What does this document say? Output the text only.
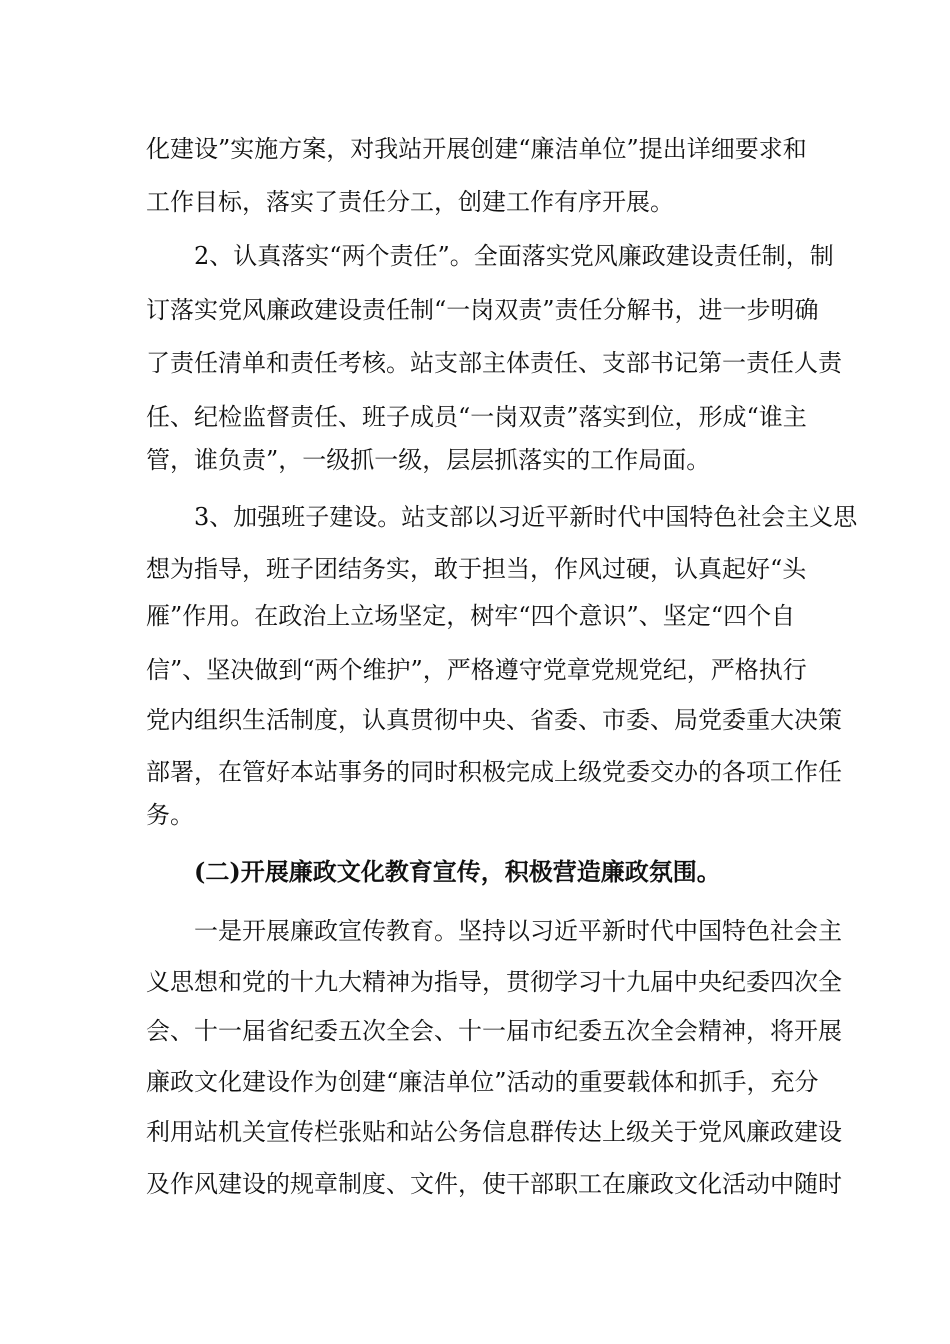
化建设”实施方案，对我站开展创建“廉洁单位”提出详细要求和
工作目标，落实了责任分工，创建工作有序开展。
2、认真落实“两个责任”。全面落实党风廉政建设责任制，制
订落实党风廉政建设责任制“一岗双责”责任分解书，进一步明确
了责任清单和责任考核。站支部主体责任、支部书记第一责任人责
任、纪检监督责任、班子成员“一岗双责”落实到位，形成“谁主
管，谁负责”，一级抓一级，层层抓落实的工作局面。
3、加强班子建设。站支部以习近平新时代中国特色社会主义思
想为指导，班子团结务实，敢于担当，作风过硬，认真起好“头
雁”作用。在政治上立场坚定，树牢“四个意识”、坚定“四个自
信”、坚决做到“两个维护”，严格遵守党章党规党纪，严格执行
党内组织生活制度，认真贯彻中央、省委、市委、局党委重大决策
部署，在管好本站事务的同时积极完成上级党委交办的各项工作任
务。
(二)开展廉政文化教育宣传，积极营造廉政氛围。
一是开展廉政宣传教育。坚持以习近平新时代中国特色社会主
义思想和党的十九大精神为指导，贯彻学习十九届中央纪委四次全
会、十一届省纪委五次全会、十一届市纪委五次全会精神，将开展
廉政文化建设作为创建“廉洁单位”活动的重要载体和抓手，充分
利用站机关宣传栏张贴和站公务信息群传达上级关于党风廉政建设
及作风建设的规章制度、文件，使干部职工在廉政文化活动中随时
